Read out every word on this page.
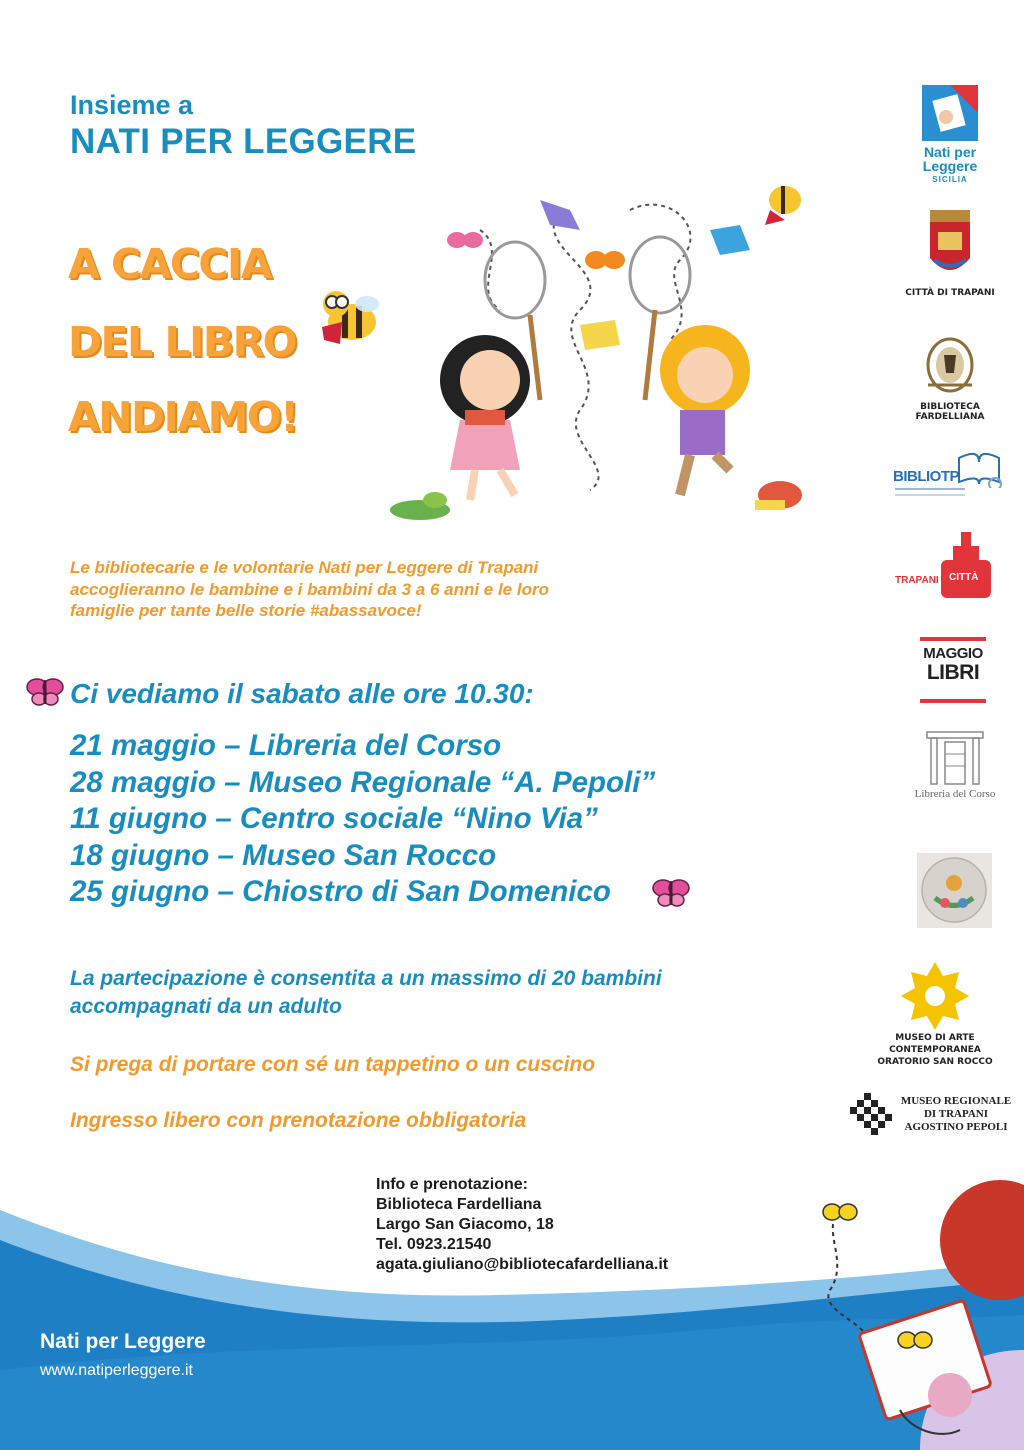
Insieme a
NATI PER LEGGERE
A CACCIA
DEL LIBRO
ANDIAMO!
Le bibliotecarie e le volontarie Nati per Leggere di Trapani
accoglieranno le bambine e i bambini da 3 a 6 anni e le loro
famiglie per tante belle storie #abassavoce!
Ci vediamo il sabato alle ore 10.30:
21 maggio – Libreria del Corso
28 maggio – Museo Regionale “A. Pepoli”
11 giugno – Centro sociale “Nino Via”
18 giugno – Museo San Rocco
25 giugno – Chiostro di San Domenico
La partecipazione è consentita a un massimo di 20 bambini
accompagnati da un adulto
Si prega di portare con sé un tappetino o un cuscino
Ingresso libero con prenotazione obbligatoria
Nati per
Leggere
SICILIA
CITTÀ DI TRAPANI
BIBLIOTECA FARDELLIANA
BIBLIOTP
TRAPANI CITTÀ
MAGGIO
LIBRI
Libreria del Corso
MUSEO DI ARTE CONTEMPORANEA
ORATORIO SAN ROCCO
MUSEO REGIONALE
DI TRAPANI
AGOSTINO PEPOLI
Info e prenotazione:
Biblioteca Fardelliana
Largo San Giacomo, 18
Tel. 0923.21540
agata.giuliano@bibliotecafardelliana.it
Nati per Leggere
www.natiperleggere.it
